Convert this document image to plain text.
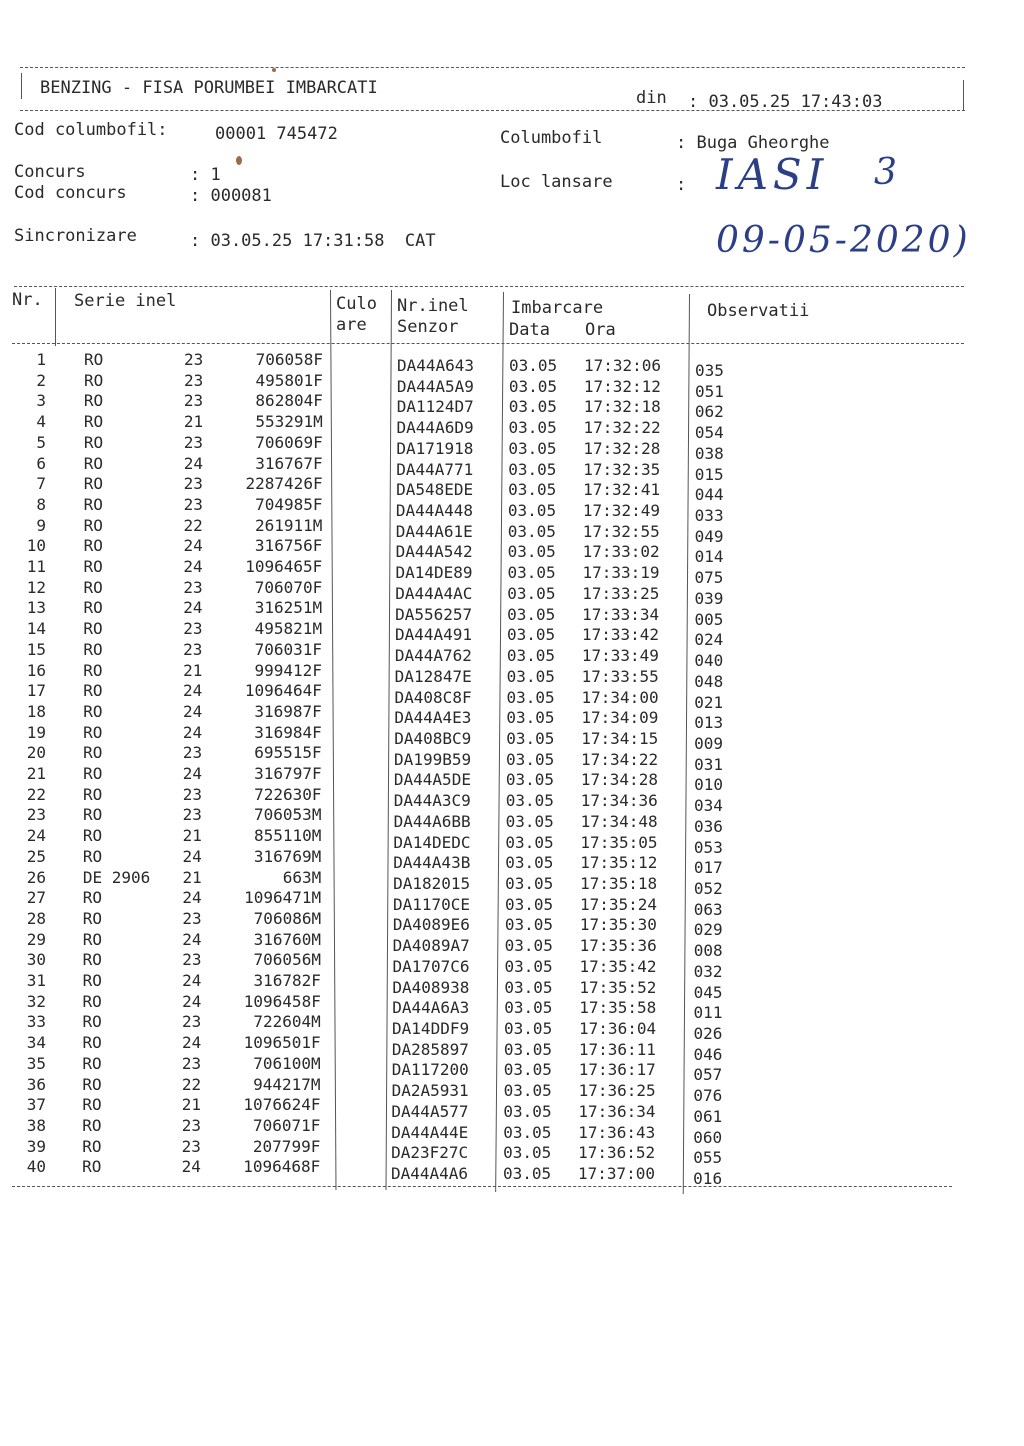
BENZING - FISA PORUMBEI IMBARCATI	din : 03.05.25 17:43:03
Cod columbofil:	00001 745472	Columbofil	: Buga Gheorghe
Concurs	: 1
Cod concurs	: 000081
Loc lansare	:
Sincronizare	: 03.05.25 17:31:58  CAT
IASI 3
09-05-2020)
Nr. Serie inel	Culo
are
Nr.inel
Senzor
Imbarcare
Data Ora
Observatii
1 RO	23	706058F	DA44A643 03.05 17:32:06 035
2 RO	23	495801F	DA44A5A9 03.05 17:32:12 051
3 RO	23	862804F	DA1124D7 03.05 17:32:18 062
4 RO	21	553291M	DA44A6D9 03.05 17:32:22 054
5 RO	23	706069F	DA171918 03.05 17:32:28 038
6 RO	24	316767F	DA44A771 03.05 17:32:35 015
7 RO	23	2287426F	DA548EDE 03.05 17:32:41 044
8 RO	23	704985F	DA44A448 03.05 17:32:49 033
9 RO	22	261911M	DA44A61E 03.05 17:32:55 049
10 RO	24	316756F	DA44A542 03.05 17:33:02 014
11 RO	24	1096465F	DA14DE89 03.05 17:33:19 075
12 RO	23	706070F	DA44A4AC 03.05 17:33:25 039
13 RO	24	316251M	DA556257 03.05 17:33:34 005
14 RO	23	495821M	DA44A491 03.05 17:33:42 024
15 RO	23	706031F	DA44A762 03.05 17:33:49 040
16 RO	21	999412F	DA12847E 03.05 17:33:55 048
17 RO	24	1096464F	DA408C8F 03.05 17:34:00 021
18 RO	24	316987F	DA44A4E3 03.05 17:34:09 013
19 RO	24	316984F	DA408BC9 03.05 17:34:15 009
20 RO	23	695515F	DA199B59 03.05 17:34:22 031
21 RO	24	316797F	DA44A5DE 03.05 17:34:28 010
22 RO	23	722630F	DA44A3C9 03.05 17:34:36 034
23 RO	23	706053M	DA44A6BB 03.05 17:34:48 036
24 RO	21	855110M	DA14DEDC 03.05 17:35:05 053
25 RO	24	316769M	DA44A43B 03.05 17:35:12 017
26 DE 2906 21	663M	DA182015 03.05 17:35:18 052
27 RO	24	1096471M	DA1170CE 03.05 17:35:24 063
28 RO	23	706086M	DA4089E6 03.05 17:35:30 029
29 RO	24	316760M	DA4089A7 03.05 17:35:36 008
30 RO	23	706056M	DA1707C6 03.05 17:35:42 032
31 RO	24	316782F	DA408938 03.05 17:35:52 045
32 RO	24	1096458F	DA44A6A3 03.05 17:35:58 011
33 RO	23	722604M	DA14DDF9 03.05 17:36:04 026
34 RO	24	1096501F	DA285897 03.05 17:36:11 046
35 RO	23	706100M	DA117200 03.05 17:36:17 057
36 RO	22	944217M	DA2A5931 03.05 17:36:25 076
37 RO	21	1076624F	DA44A577 03.05 17:36:34 061
38 RO	23	706071F	DA44A44E 03.05 17:36:43 060
39 RO	23	207799F	DA23F27C 03.05 17:36:52 055
40 RO	24	1096468F	DA44A4A6 03.05 17:37:00 016
